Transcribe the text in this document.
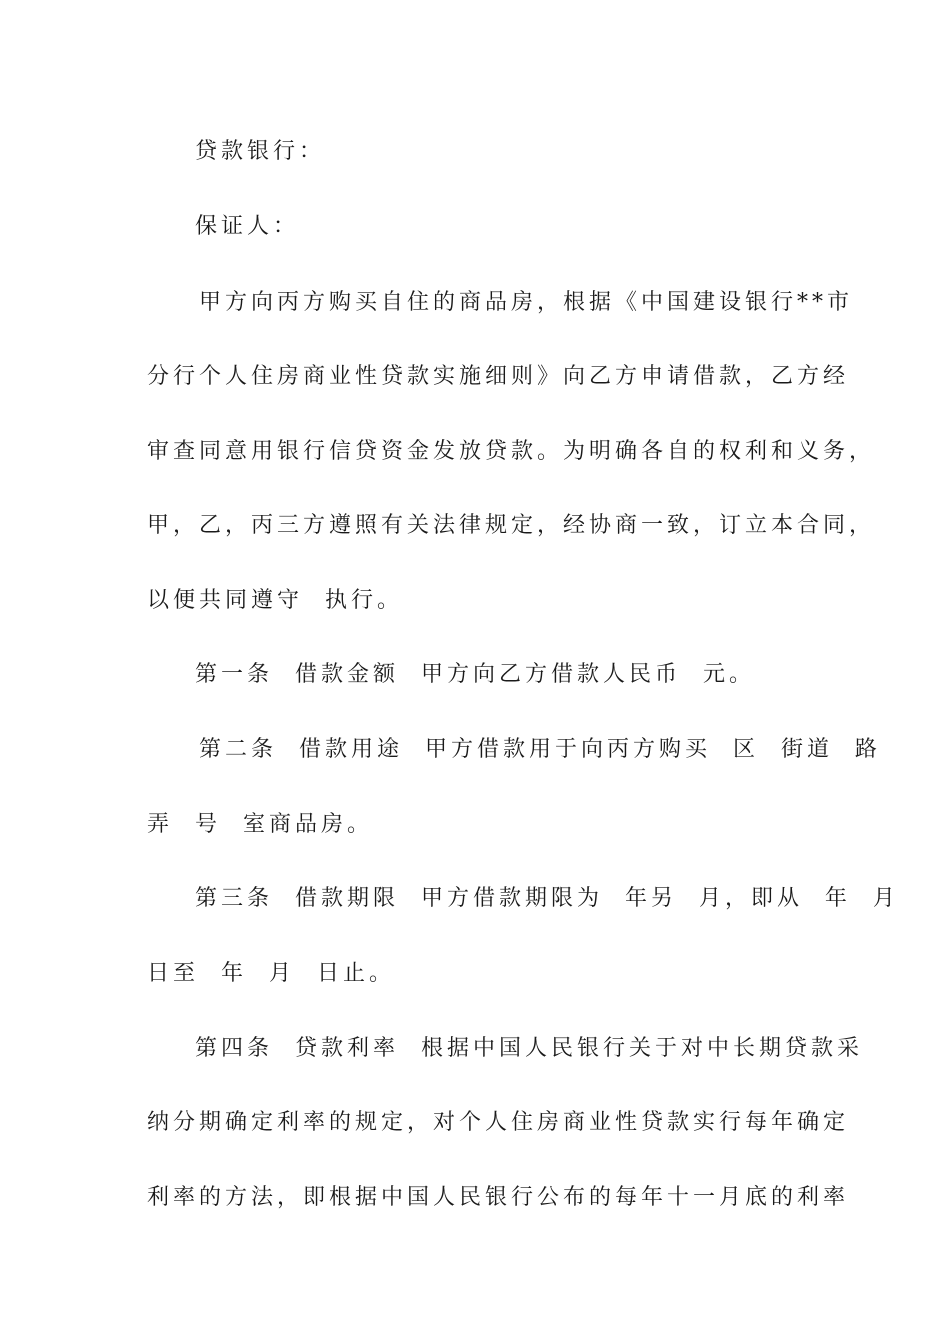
贷款银行：
保证人：
甲方向丙方购买自住的商品房，根据《中国建设银行**市
分行个人住房商业性贷款实施细则》向乙方申请借款，乙方经
审查同意用银行信贷资金发放贷款。为明确各自的权利和义务，
甲，乙，丙三方遵照有关法律规定，经协商一致，订立本合同，
以便共同遵守  执行。
第一条  借款金额  甲方向乙方借款人民币  元。
第二条  借款用途  甲方借款用于向丙方购买  区  街道  路
弄  号  室商品房。
第三条  借款期限  甲方借款期限为  年另  月，即从  年  月
日至  年  月  日止。
第四条  贷款利率  根据中国人民银行关于对中长期贷款采
纳分期确定利率的规定，对个人住房商业性贷款实行每年确定
利率的方法，即根据中国人民银行公布的每年十一月底的利率
